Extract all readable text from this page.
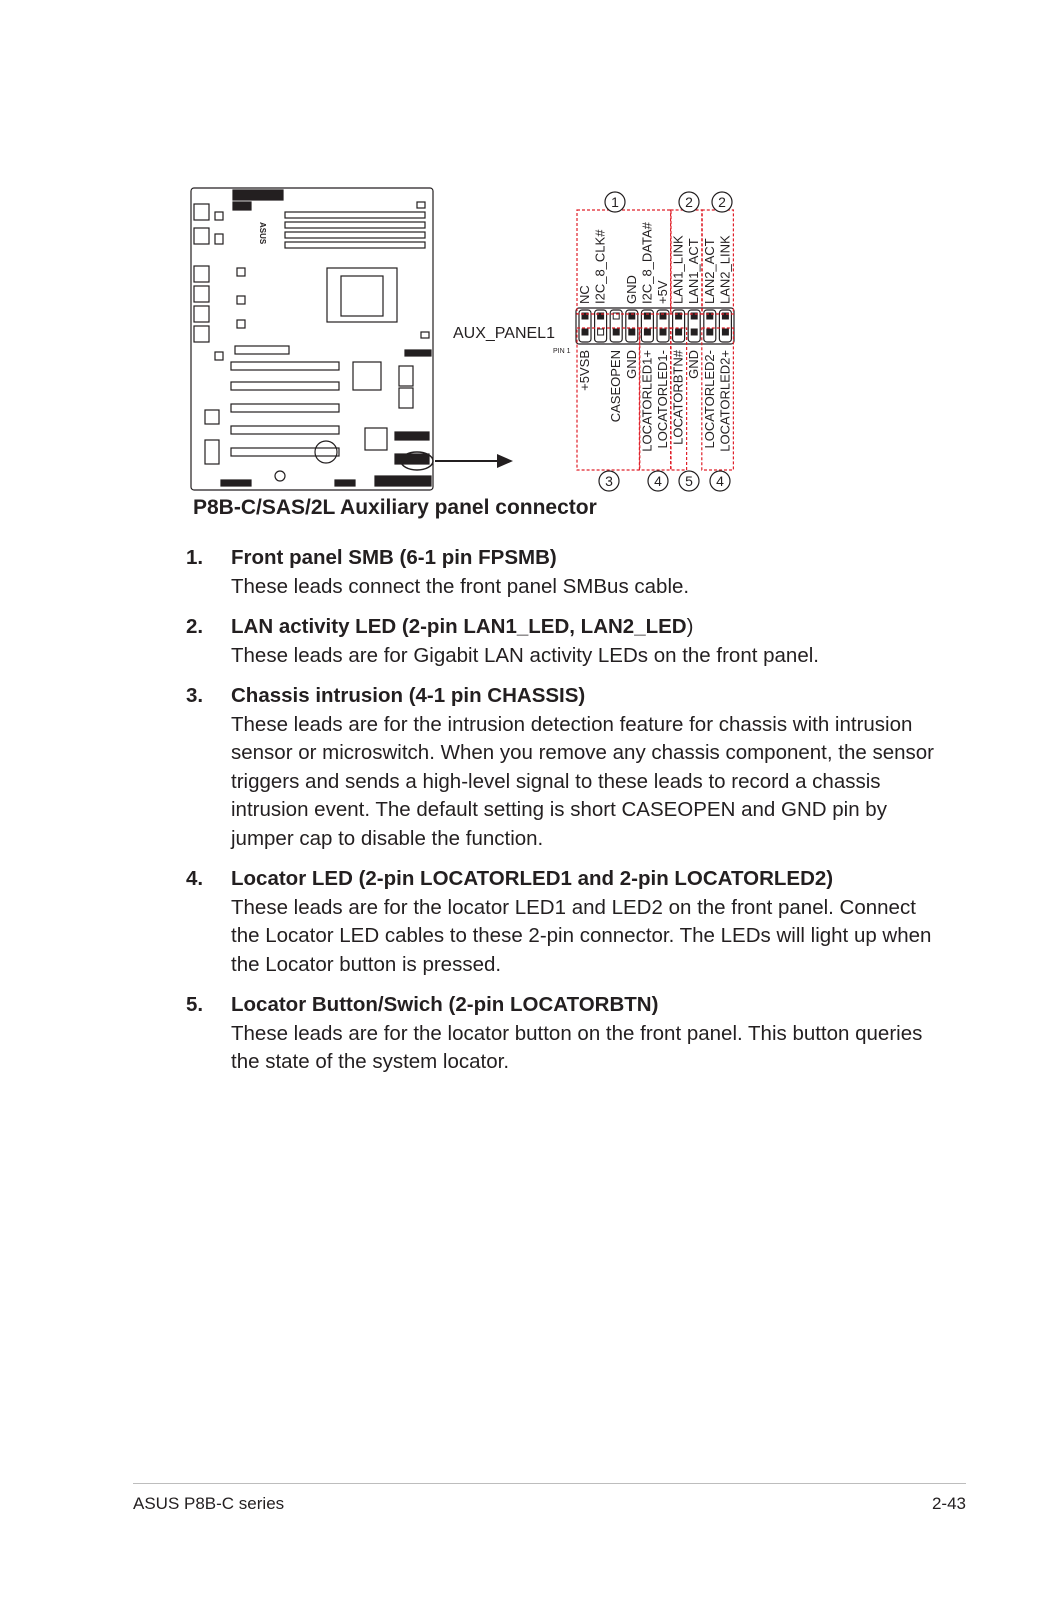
ASUS
AUX_PANEL1
PIN 1
NC I2C_8_CLK# GND I2C_8_DATA# +5V LAN1_LINK LAN1_ACT LAN2_ACT LAN2_LINK
+5VSB CASEOPEN GND LOCATORLED1+ LOCATORLED1- LOCATORBTN# GND LOCATORLED2- LOCATORLED2+
1	2 2
3	4 5 4

P8B-C/SAS/2L Auxiliary panel connector

1.	Front panel SMB (6-1 pin FPSMB)
These leads connect the front panel SMBus cable.
2.	LAN activity LED (2-pin LAN1_LED, LAN2_LED)
These leads are for Gigabit LAN activity LEDs on the front panel.
3.	Chassis intrusion (4-1 pin CHASSIS)
These leads are for the intrusion detection feature for chassis with intrusion sensor or microswitch. When you remove any chassis component, the sensor triggers and sends a high-level signal to these leads to record a chassis intrusion event. The default setting is short CASEOPEN and GND pin by jumper cap to disable the function.
4.	Locator LED (2-pin LOCATORLED1 and 2-pin LOCATORLED2)
These leads are for the locator LED1 and LED2 on the front panel. Connect the Locator LED cables to these 2-pin connector. The LEDs will light up when the Locator button is pressed.
5.	Locator Button/Swich (2-pin LOCATORBTN)
These leads are for the locator button on the front panel. This button queries the state of the system locator.
ASUS P8B-C series	2-43
